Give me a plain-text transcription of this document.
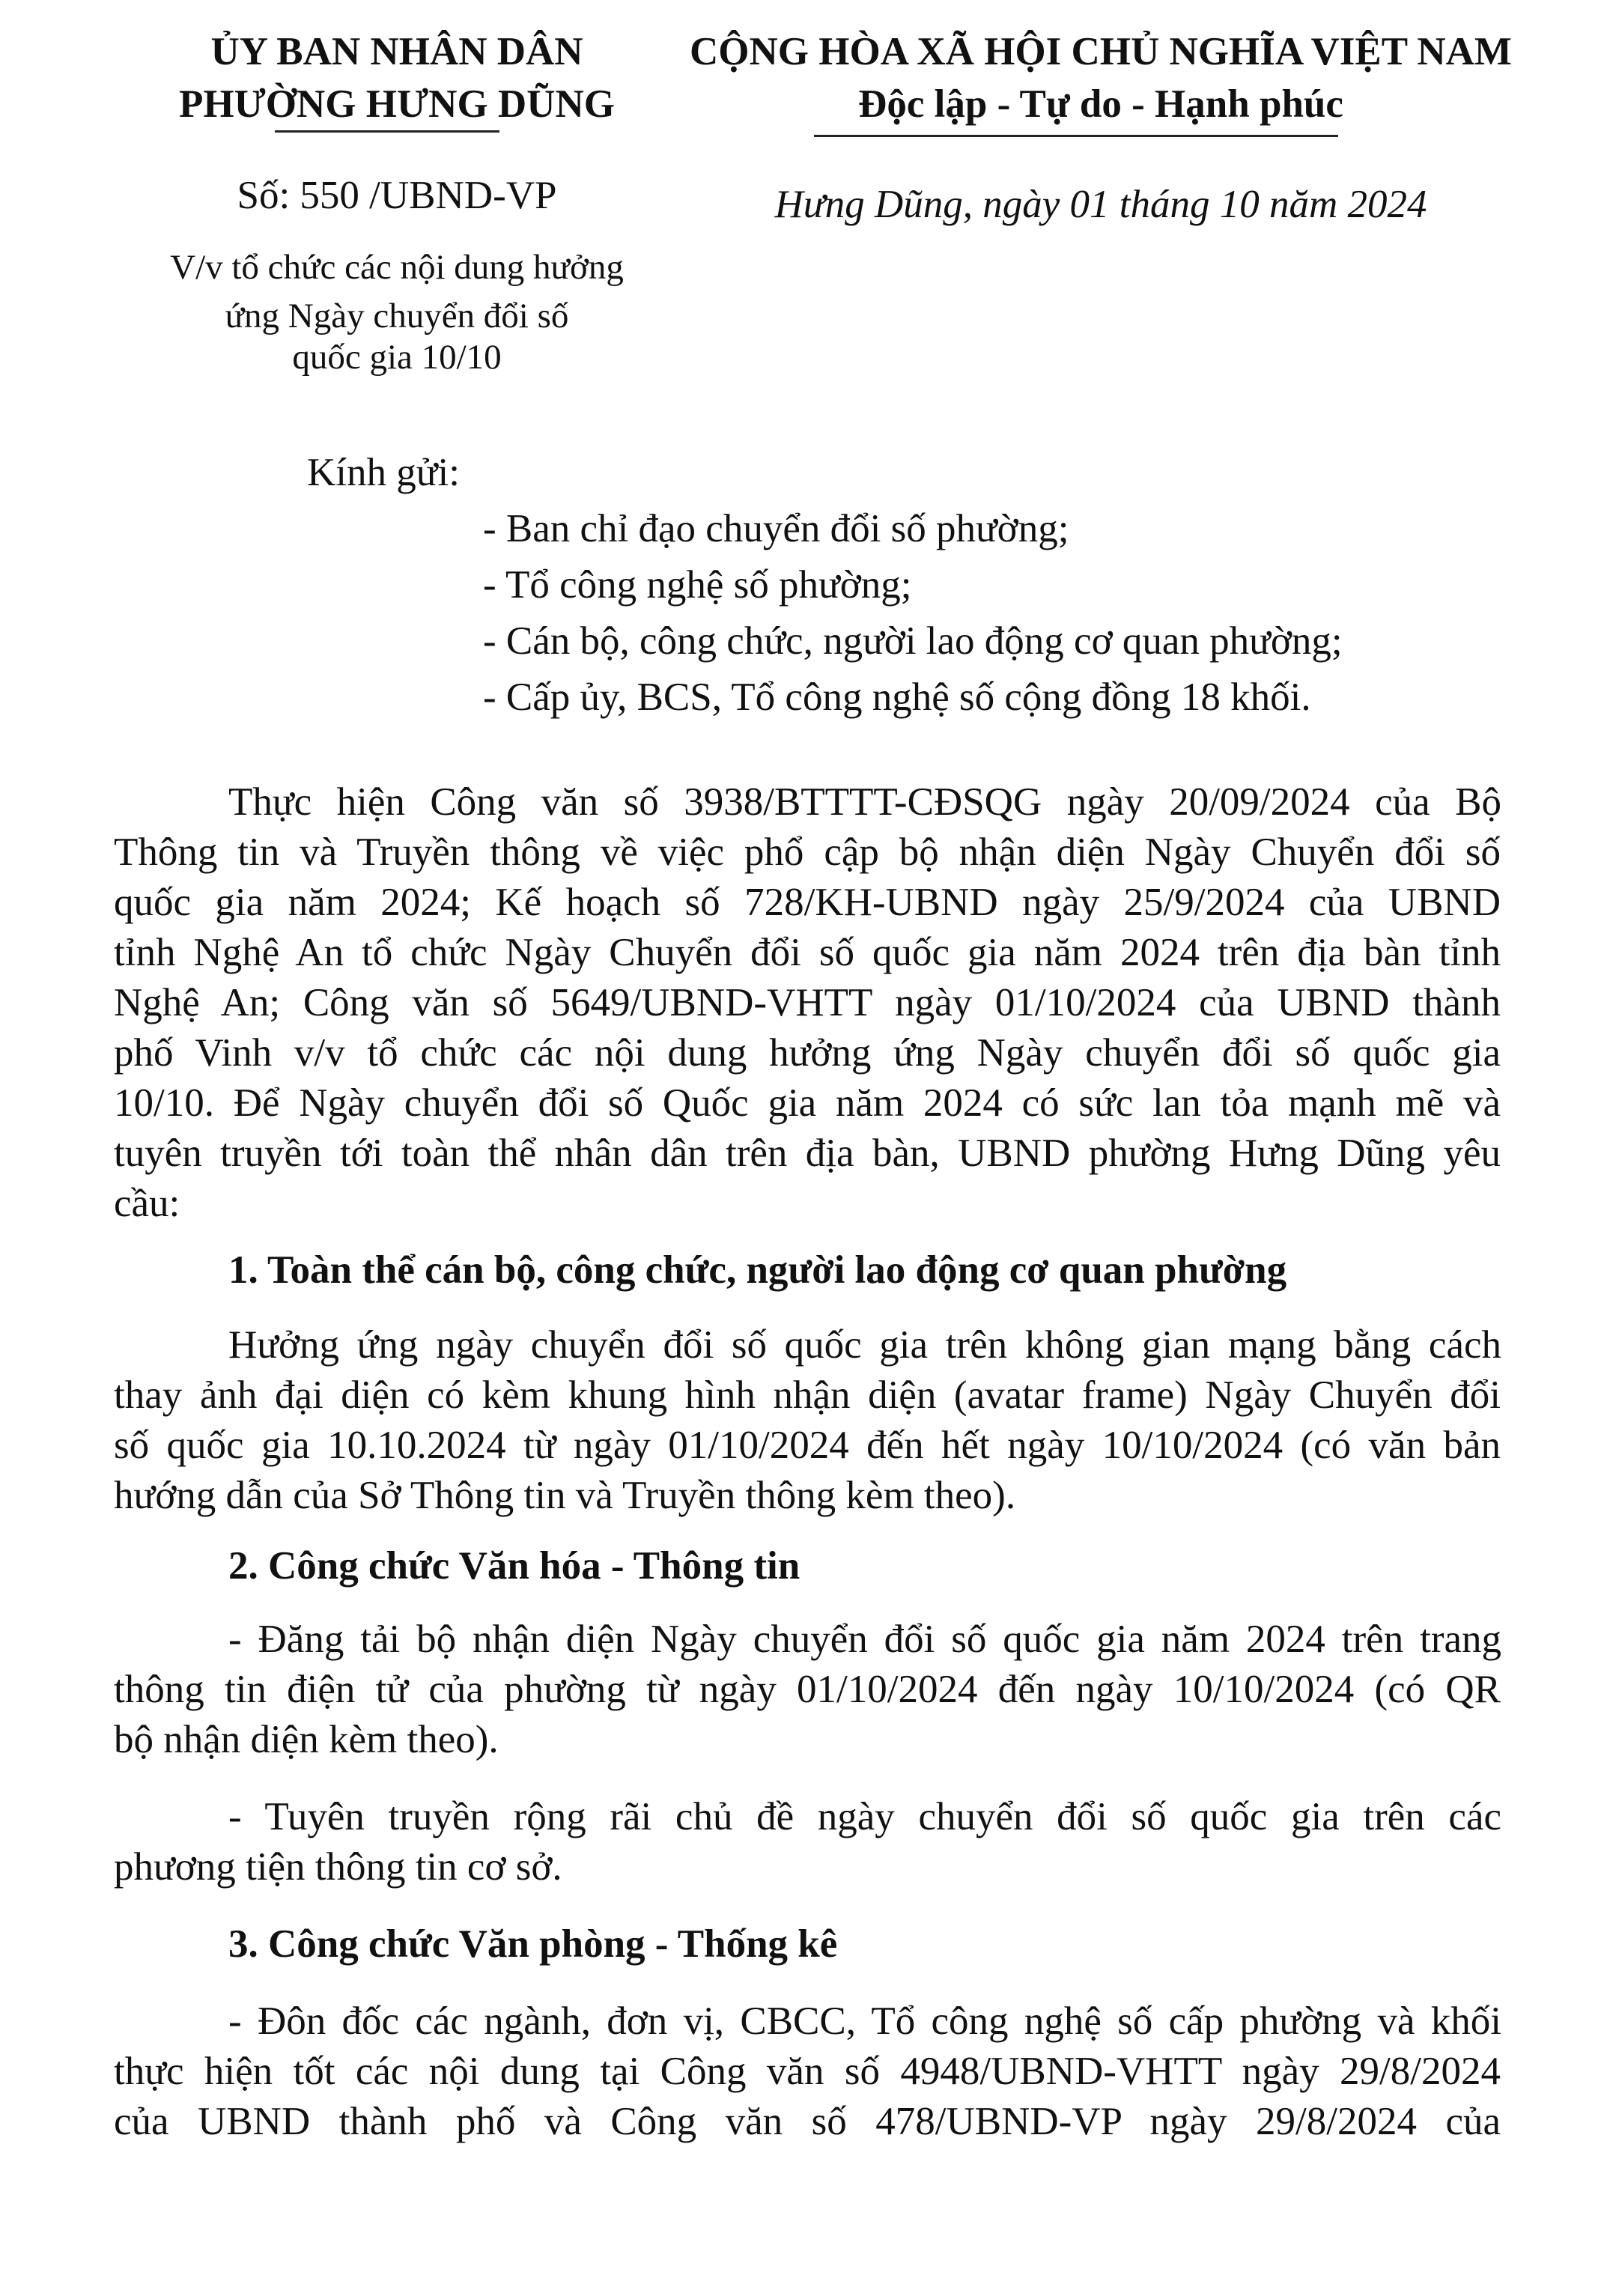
ỦY BAN NHÂN DÂN
PHƯỜNG HƯNG DŨNG
CỘNG HÒA XÃ HỘI CHỦ NGHĨA VIỆT NAM
Độc lập - Tự do - Hạnh phúc
Số: 550 /UBND-VP	Hưng Dũng, ngày 01 tháng 10 năm 2024
V/v tổ chức các nội dung hưởng
ứng Ngày chuyển đổi số
quốc gia 10/10
Kính gửi:
- Ban chỉ đạo chuyển đổi số phường;
- Tổ công nghệ số phường;
- Cán bộ, công chức, người lao động cơ quan phường;
- Cấp ủy, BCS, Tổ công nghệ số cộng đồng 18 khối.
Thực hiện Công văn số 3938/BTTTT-CĐSQG ngày 20/09/2024 của Bộ
Thông tin và Truyền thông về việc phổ cập bộ nhận diện Ngày Chuyển đổi số
quốc gia năm 2024; Kế hoạch số 728/KH-UBND ngày 25/9/2024 của UBND
tỉnh Nghệ An tổ chức Ngày Chuyển đổi số quốc gia năm 2024 trên địa bàn tỉnh
Nghệ An; Công văn số 5649/UBND-VHTT ngày 01/10/2024 của UBND thành
phố Vinh v/v tổ chức các nội dung hưởng ứng Ngày chuyển đổi số quốc gia
10/10. Để Ngày chuyển đổi số Quốc gia năm 2024 có sức lan tỏa mạnh mẽ và
tuyên truyền tới toàn thể nhân dân trên địa bàn, UBND phường Hưng Dũng yêu
cầu:
1. Toàn thể cán bộ, công chức, người lao động cơ quan phường
Hưởng ứng ngày chuyển đổi số quốc gia trên không gian mạng bằng cách
thay ảnh đại diện có kèm khung hình nhận diện (avatar frame) Ngày Chuyển đổi
số quốc gia 10.10.2024 từ ngày 01/10/2024 đến hết ngày 10/10/2024 (có văn bản
hướng dẫn của Sở Thông tin và Truyền thông kèm theo).
2. Công chức Văn hóa - Thông tin
- Đăng tải bộ nhận diện Ngày chuyển đổi số quốc gia năm 2024 trên trang
thông tin điện tử của phường từ ngày 01/10/2024 đến ngày 10/10/2024 (có QR
bộ nhận diện kèm theo).
- Tuyên truyền rộng rãi chủ đề ngày chuyển đổi số quốc gia trên các
phương tiện thông tin cơ sở.
3. Công chức Văn phòng - Thống kê
- Đôn đốc các ngành, đơn vị, CBCC, Tổ công nghệ số cấp phường và khối
thực hiện tốt các nội dung tại Công văn số 4948/UBND-VHTT ngày 29/8/2024
của UBND thành phố và Công văn số 478/UBND-VP ngày 29/8/2024 của
